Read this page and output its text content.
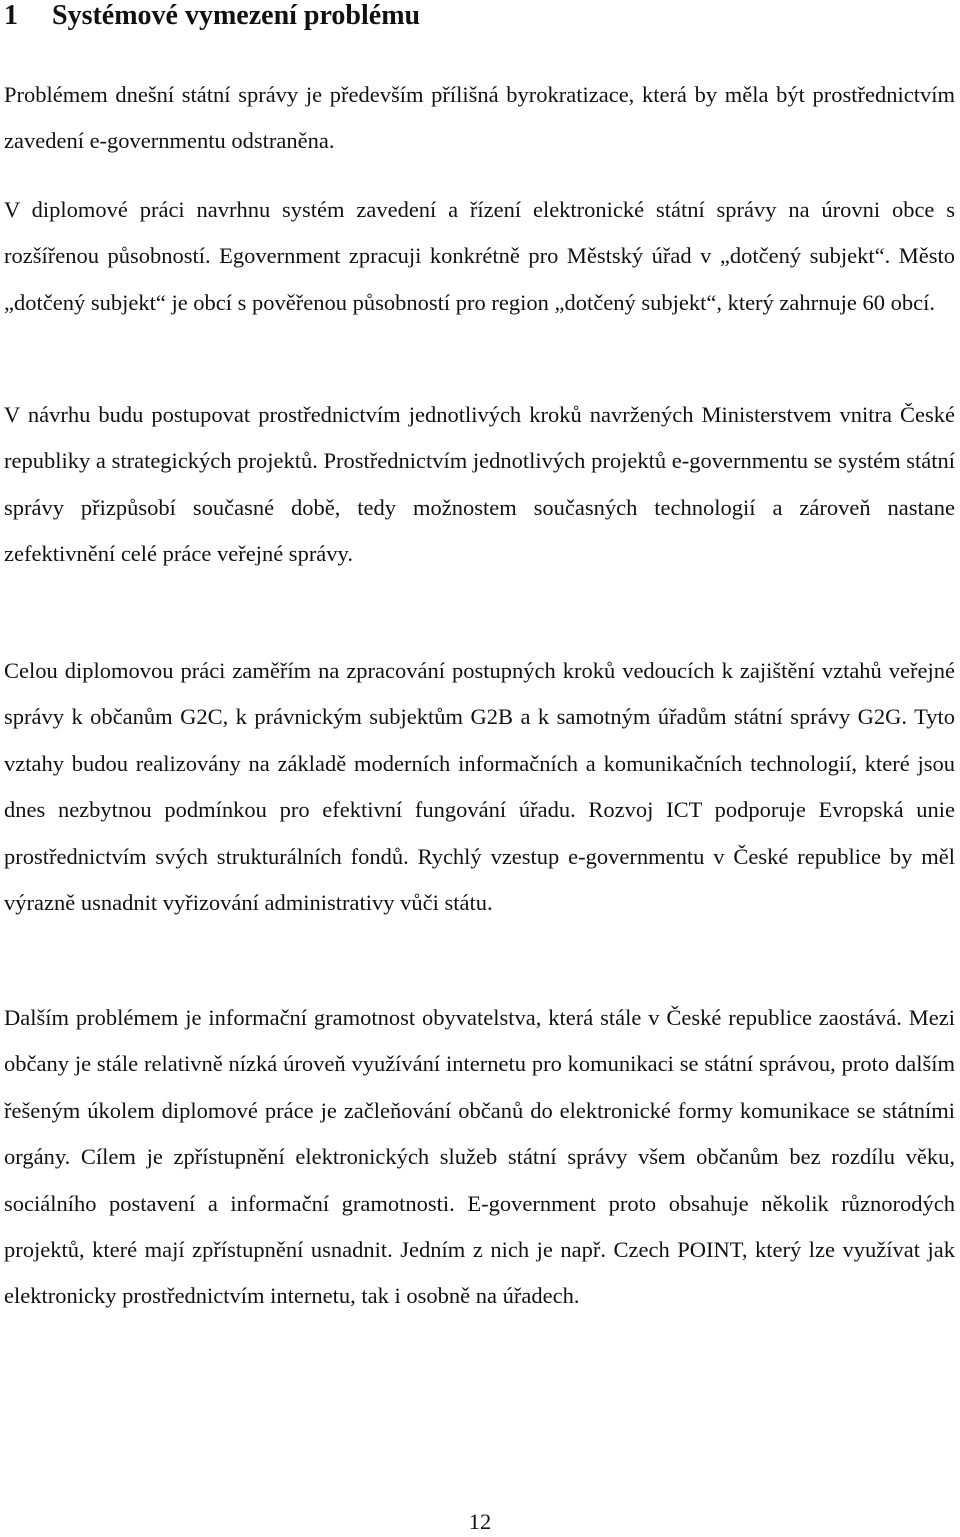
1 Systémové vymezení problému

Problémem dnešní státní správy je především přílišná byrokratizace, která by měla být prostřednictvím zavedení e-governmentu odstraněna.

V diplomové práci navrhnu systém zavedení a řízení elektronické státní správy na úrovni obce s rozšířenou působností. Egovernment zpracuji konkrétně pro Městský úřad v „dotčený subjekt“. Město „dotčený subjekt“ je obcí s pověřenou působností pro region „dotčený subjekt“, který zahrnuje 60 obcí.

V návrhu budu postupovat prostřednictvím jednotlivých kroků navržených Ministerstvem vnitra České republiky a strategických projektů. Prostřednictvím jednotlivých projektů e-governmentu se systém státní správy přizpůsobí současné době, tedy možnostem současných technologií a zároveň nastane zefektivnění celé práce veřejné správy.

Celou diplomovou práci zaměřím na zpracování postupných kroků vedoucích k zajištění vztahů veřejné správy k občanům G2C, k právnickým subjektům G2B a k samotným úřadům státní správy G2G. Tyto vztahy budou realizovány na základě moderních informačních a komunikačních technologií, které jsou dnes nezbytnou podmínkou pro efektivní fungování úřadu. Rozvoj ICT podporuje Evropská unie prostřednictvím svých strukturálních fondů. Rychlý vzestup e-governmentu v České republice by měl výrazně usnadnit vyřizování administrativy vůči státu.

Dalším problémem je informační gramotnost obyvatelstva, která stále v České republice zaostává. Mezi občany je stále relativně nízká úroveň využívání internetu pro komunikaci se státní správou, proto dalším řešeným úkolem diplomové práce je začleňování občanů do elektronické formy komunikace se státními orgány. Cílem je zpřístupnění elektronických služeb státní správy všem občanům bez rozdílu věku, sociálního postavení a informační gramotnosti. E-government proto obsahuje několik různorodých projektů, které mají zpřístupnění usnadnit. Jedním z nich je např. Czech POINT, který lze využívat jak elektronicky prostřednictvím internetu, tak i osobně na úřadech.

12
